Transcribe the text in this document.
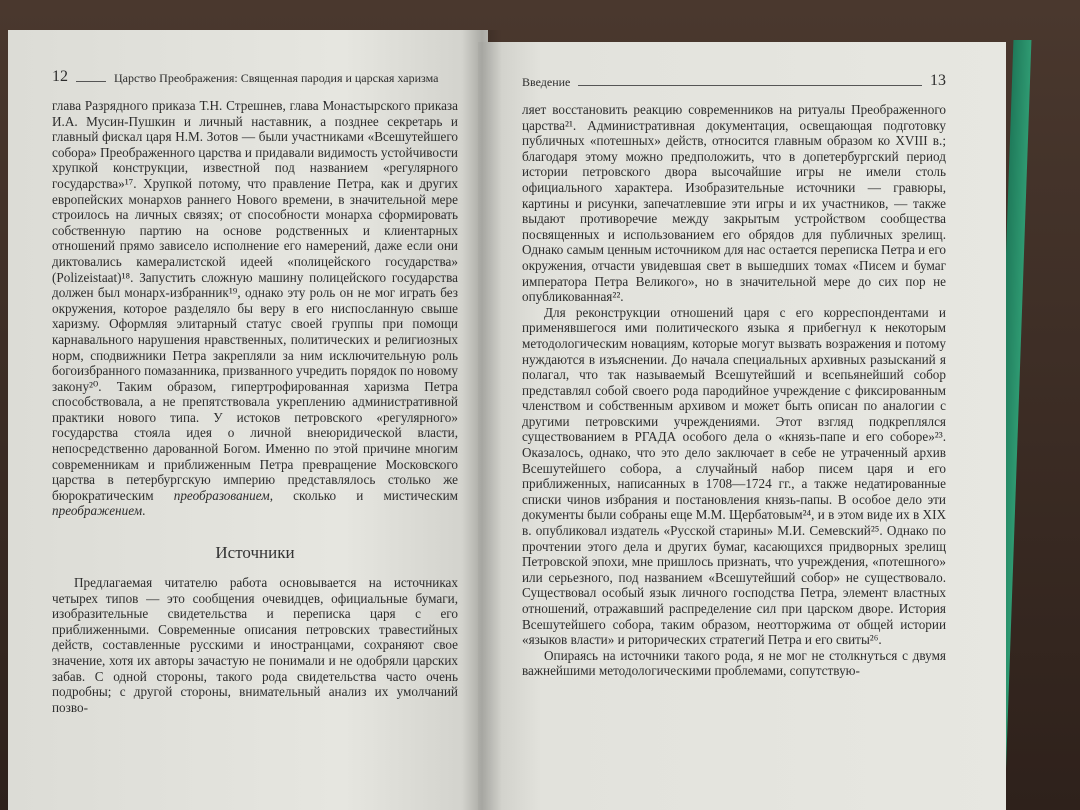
12	Царство Преображения: Священная пародия и царская харизма

глава Разрядного приказа Т.Н. Стрешнев, глава Монастырского приказа И.А. Мусин-Пушкин и личный наставник, а позднее секретарь и главный фискал царя Н.М. Зотов — были участниками «Всешутейшего собора» Преображенного царства и придавали видимость устойчивости хрупкой конструкции, известной под названием «регулярного государства»¹⁷. Хрупкой потому, что правление Петра, как и других европейских монархов раннего Нового времени, в значительной мере строилось на личных связях; от способности монарха сформировать собственную партию на основе родственных и клиентарных отношений прямо зависело исполнение его намерений, даже если они диктовались камералистской идеей «полицейского государства» (Polizeistaat)¹⁸. Запустить сложную машину полицейского государства должен был монарх-избранник¹⁹, однако эту роль он не мог играть без окружения, которое разделяло бы веру в его ниспосланную свыше харизму. Оформляя элитарный статус своей группы при помощи карнавального нарушения нравственных, политических и религиозных норм, сподвижники Петра закрепляли за ним исключительную роль богоизбранного помазанника, призванного учредить порядок по новому закону²⁰. Таким образом, гипертрофированная харизма Петра способствовала, а не препятствовала укреплению административной практики нового типа. У истоков петровского «регулярного» государства стояла идея о личной внеюридической власти, непосредственно дарованной Богом. Именно по этой причине многим современникам и приближенным Петра превращение Московского царства в петербургскую империю представлялось столько же бюрократическим преобразованием, сколько и мистическим преображением.

Источники

Предлагаемая читателю работа основывается на источниках четырех типов — это сообщения очевидцев, официальные бумаги, изобразительные свидетельства и переписка царя с его приближенными. Современные описания петровских травестийных действ, составленные русскими и иностранцами, сохраняют свое значение, хотя их авторы зачастую не понимали и не одобряли царских забав. С одной стороны, такого рода свидетельства часто очень подробны; с другой стороны, внимательный анализ их умолчаний позво-

Введение	13

ляет восстановить реакцию современников на ритуалы Преображенного царства²¹. Административная документация, освещающая подготовку публичных «потешных» действ, относится главным образом ко XVIII в.; благодаря этому можно предположить, что в допетербургский период истории петровского двора высочайшие игры не имели столь официального характера. Изобразительные источники — гравюры, картины и рисунки, запечатлевшие эти игры и их участников, — также выдают противоречие между закрытым устройством сообщества посвященных и использованием его обрядов для публичных зрелищ. Однако самым ценным источником для нас остается переписка Петра и его окружения, отчасти увидевшая свет в вышедших томах «Писем и бумаг императора Петра Великого», но в значительной мере до сих пор не опубликованная²².

Для реконструкции отношений царя с его корреспондентами и применявшегося ими политического языка я прибегнул к некоторым методологическим новациям, которые могут вызвать возражения и потому нуждаются в изъяснении. До начала специальных архивных разысканий я полагал, что так называемый Всешутейший и всепьянейший собор представлял собой своего рода пародийное учреждение с фиксированным членством и собственным архивом и может быть описан по аналогии с другими петровскими учреждениями. Этот взгляд подкреплялся существованием в РГАДА особого дела о «князь-папе и его соборе»²³. Оказалось, однако, что это дело заключает в себе не утраченный архив Всешутейшего собора, а случайный набор писем царя и его приближенных, написанных в 1708—1724 гг., а также недатированные списки чинов избрания и постановления князь-папы. В особое дело эти документы были собраны еще М.М. Щербатовым²⁴, и в этом виде их в XIX в. опубликовал издатель «Русской старины» М.И. Семевский²⁵. Однако по прочтении этого дела и других бумаг, касающихся придворных зрелищ Петровской эпохи, мне пришлось признать, что учреждения, «потешного» или серьезного, под названием «Всешутейший собор» не существовало. Существовал особый язык личного господства Петра, элемент властных отношений, отражавший распределение сил при царском дворе. История Всешутейшего собора, таким образом, неотторжима от общей истории «языков власти» и риторических стратегий Петра и его свиты²⁶.

Опираясь на источники такого рода, я не мог не столкнуться с двумя важнейшими методологическими проблемами, сопутствую-
